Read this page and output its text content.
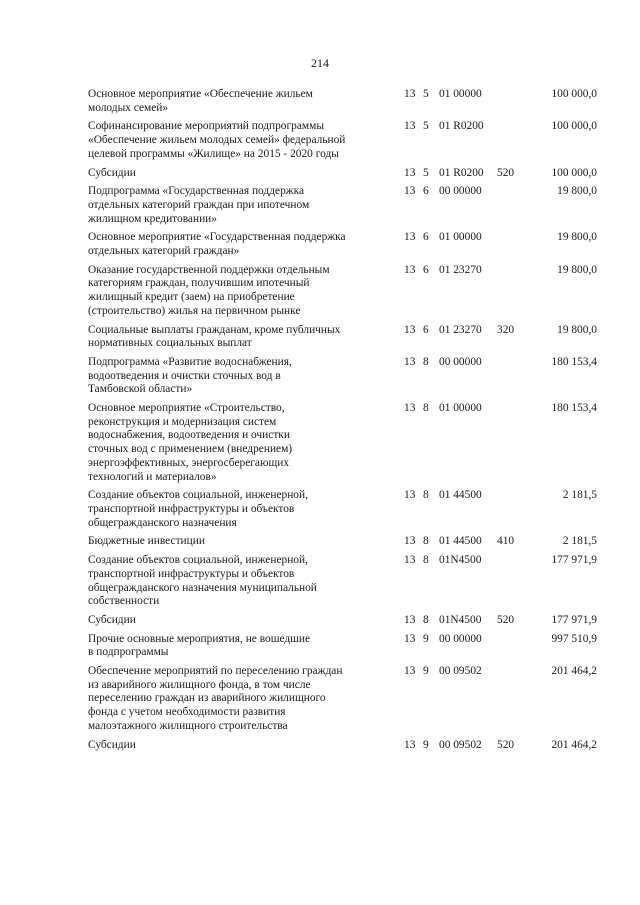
214
Основное мероприятие «Обеспечение жильем
молодых семей»
13 5 01 00000	100 000,0
Софинансирование мероприятий подпрограммы
«Обеспечение жильем молодых семей» федеральной
целевой программы «Жилище» на 2015 - 2020 годы
13 5 01 R0200	100 000,0
Субсидии	13 5 01 R0200 520	100 000,0
Подпрограмма «Государственная поддержка
отдельных категорий граждан при ипотечном
жилищном кредитовании»
13 6 00 00000	19 800,0
Основное мероприятие «Государственная поддержка
отдельных категорий граждан»
13 6 01 00000	19 800,0
Оказание государственной поддержки отдельным
категориям граждан, получившим ипотечный
жилищный кредит (заем) на приобретение
(строительство) жилья на первичном рынке
13 6 01 23270	19 800,0
Социальные выплаты гражданам, кроме публичных
нормативных социальных выплат
13 6 01 23270 320	19 800,0
Подпрограмма «Развитие водоснабжения,
водоотведения и очистки сточных вод в
Тамбовской области»
13 8 00 00000	180 153,4
Основное мероприятие «Строительство,
реконструкция и модернизация систем
водоснабжения, водоотведения и очистки
сточных вод с применением (внедрением)
энергоэффективных, энергосберегающих
технологий и материалов»
13 8 01 00000	180 153,4
Создание объектов социальной, инженерной,
транспортной инфраструктуры и объектов
общегражданского назначения
13 8 01 44500	2 181,5
Бюджетные инвестиции	13 8 01 44500 410	2 181,5
Создание объектов социальной, инженерной,
транспортной инфраструктуры и объектов
общегражданского назначения муниципальной
собственности
13 8 01N4500	177 971,9
Субсидии	13 8 01N4500 520	177 971,9
Прочие основные мероприятия, не вошедшие
в подпрограммы
13 9 00 00000	997 510,9
Обеспечение мероприятий по переселению граждан
из аварийного жилищного фонда, в том числе
переселению граждан из аварийного жилищного
фонда с учетом необходимости развития
малоэтажного жилищного строительства
13 9 00 09502	201 464,2
Субсидии	13 9 00 09502 520	201 464,2
